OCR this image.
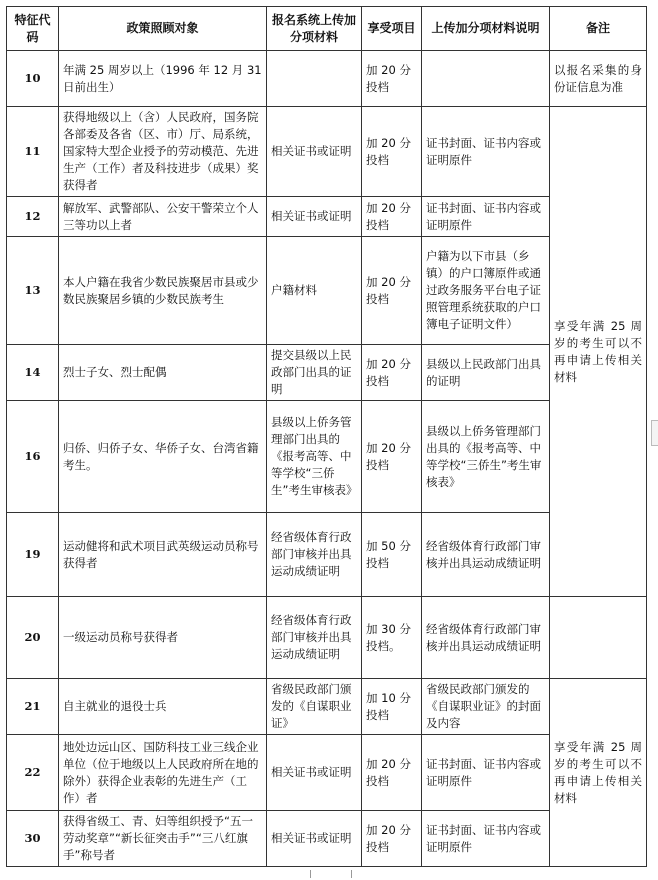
特征代码	政策照顾对象	报名系统上传加分项材料	享受项目	上传加分项材料说明	备注	
10	年满 25 周岁以上（1996 年 12 月 31 日前出生）		加 20 分投档		以报名采集的身份证信息为准	
11	获得地级以上（含）人民政府，国务院各部委及各省（区、市）厅、局系统，国家特大型企业授予的劳动模范、先进生产（工作）者及科技进步（成果）奖获得者	相关证书或证明	加 20 分投档	证书封面、证书内容或证明原件	享受年满 25 周岁的考生可以不再申请上传相关材料	
12	解放军、武警部队、公安干警荣立个人三等功以上者	相关证书或证明	加 20 分投档	证书封面、证书内容或证明原件		
13	本人户籍在我省少数民族聚居市县或少数民族聚居乡镇的少数民族考生	户籍材料	加 20 分投档	户籍为以下市县（乡镇）的户口簿原件或通过政务服务平台电子证照管理系统获取的户口簿电子证明文件）		
14	烈士子女、烈士配偶	提交县级以上民政部门出具的证明	加 20 分投档	县级以上民政部门出具的证明		
16	归侨、归侨子女、华侨子女、台湾省籍考生。	县级以上侨务管理部门出具的《报考高等、中等学校“三侨生”考生审核表》	加 20 分投档	县级以上侨务管理部门出具的《报考高等、中等学校“三侨生”考生审核表》		
19	运动健将和武术项目武英级运动员称号获得者	经省级体育行政部门审核并出具运动成绩证明	加 50 分投档	经省级体育行政部门审核并出具运动成绩证明		
20	一级运动员称号获得者	经省级体育行政部门审核并出具运动成绩证明	加 30 分投档。	经省级体育行政部门审核并出具运动成绩证明		
21	自主就业的退役士兵	省级民政部门颁发的《自谋职业证》	加 10 分投档	省级民政部门颁发的《自谋职业证》的封面及内容	享受年满 25 周岁的考生可以不再申请上传相关材料	
22	地处边远山区、国防科技工业三线企业单位（位于地级以上人民政府所在地的除外）获得企业表彰的先进生产（工作）者	相关证书或证明	加 20 分投档	证书封面、证书内容或证明原件		
30	获得省级工、青、妇等组织授予“五一劳动奖章”“新长征突击手”“三八红旗手”称号者	相关证书或证明	加 20 分投档	证书封面、证书内容或证明原件		
